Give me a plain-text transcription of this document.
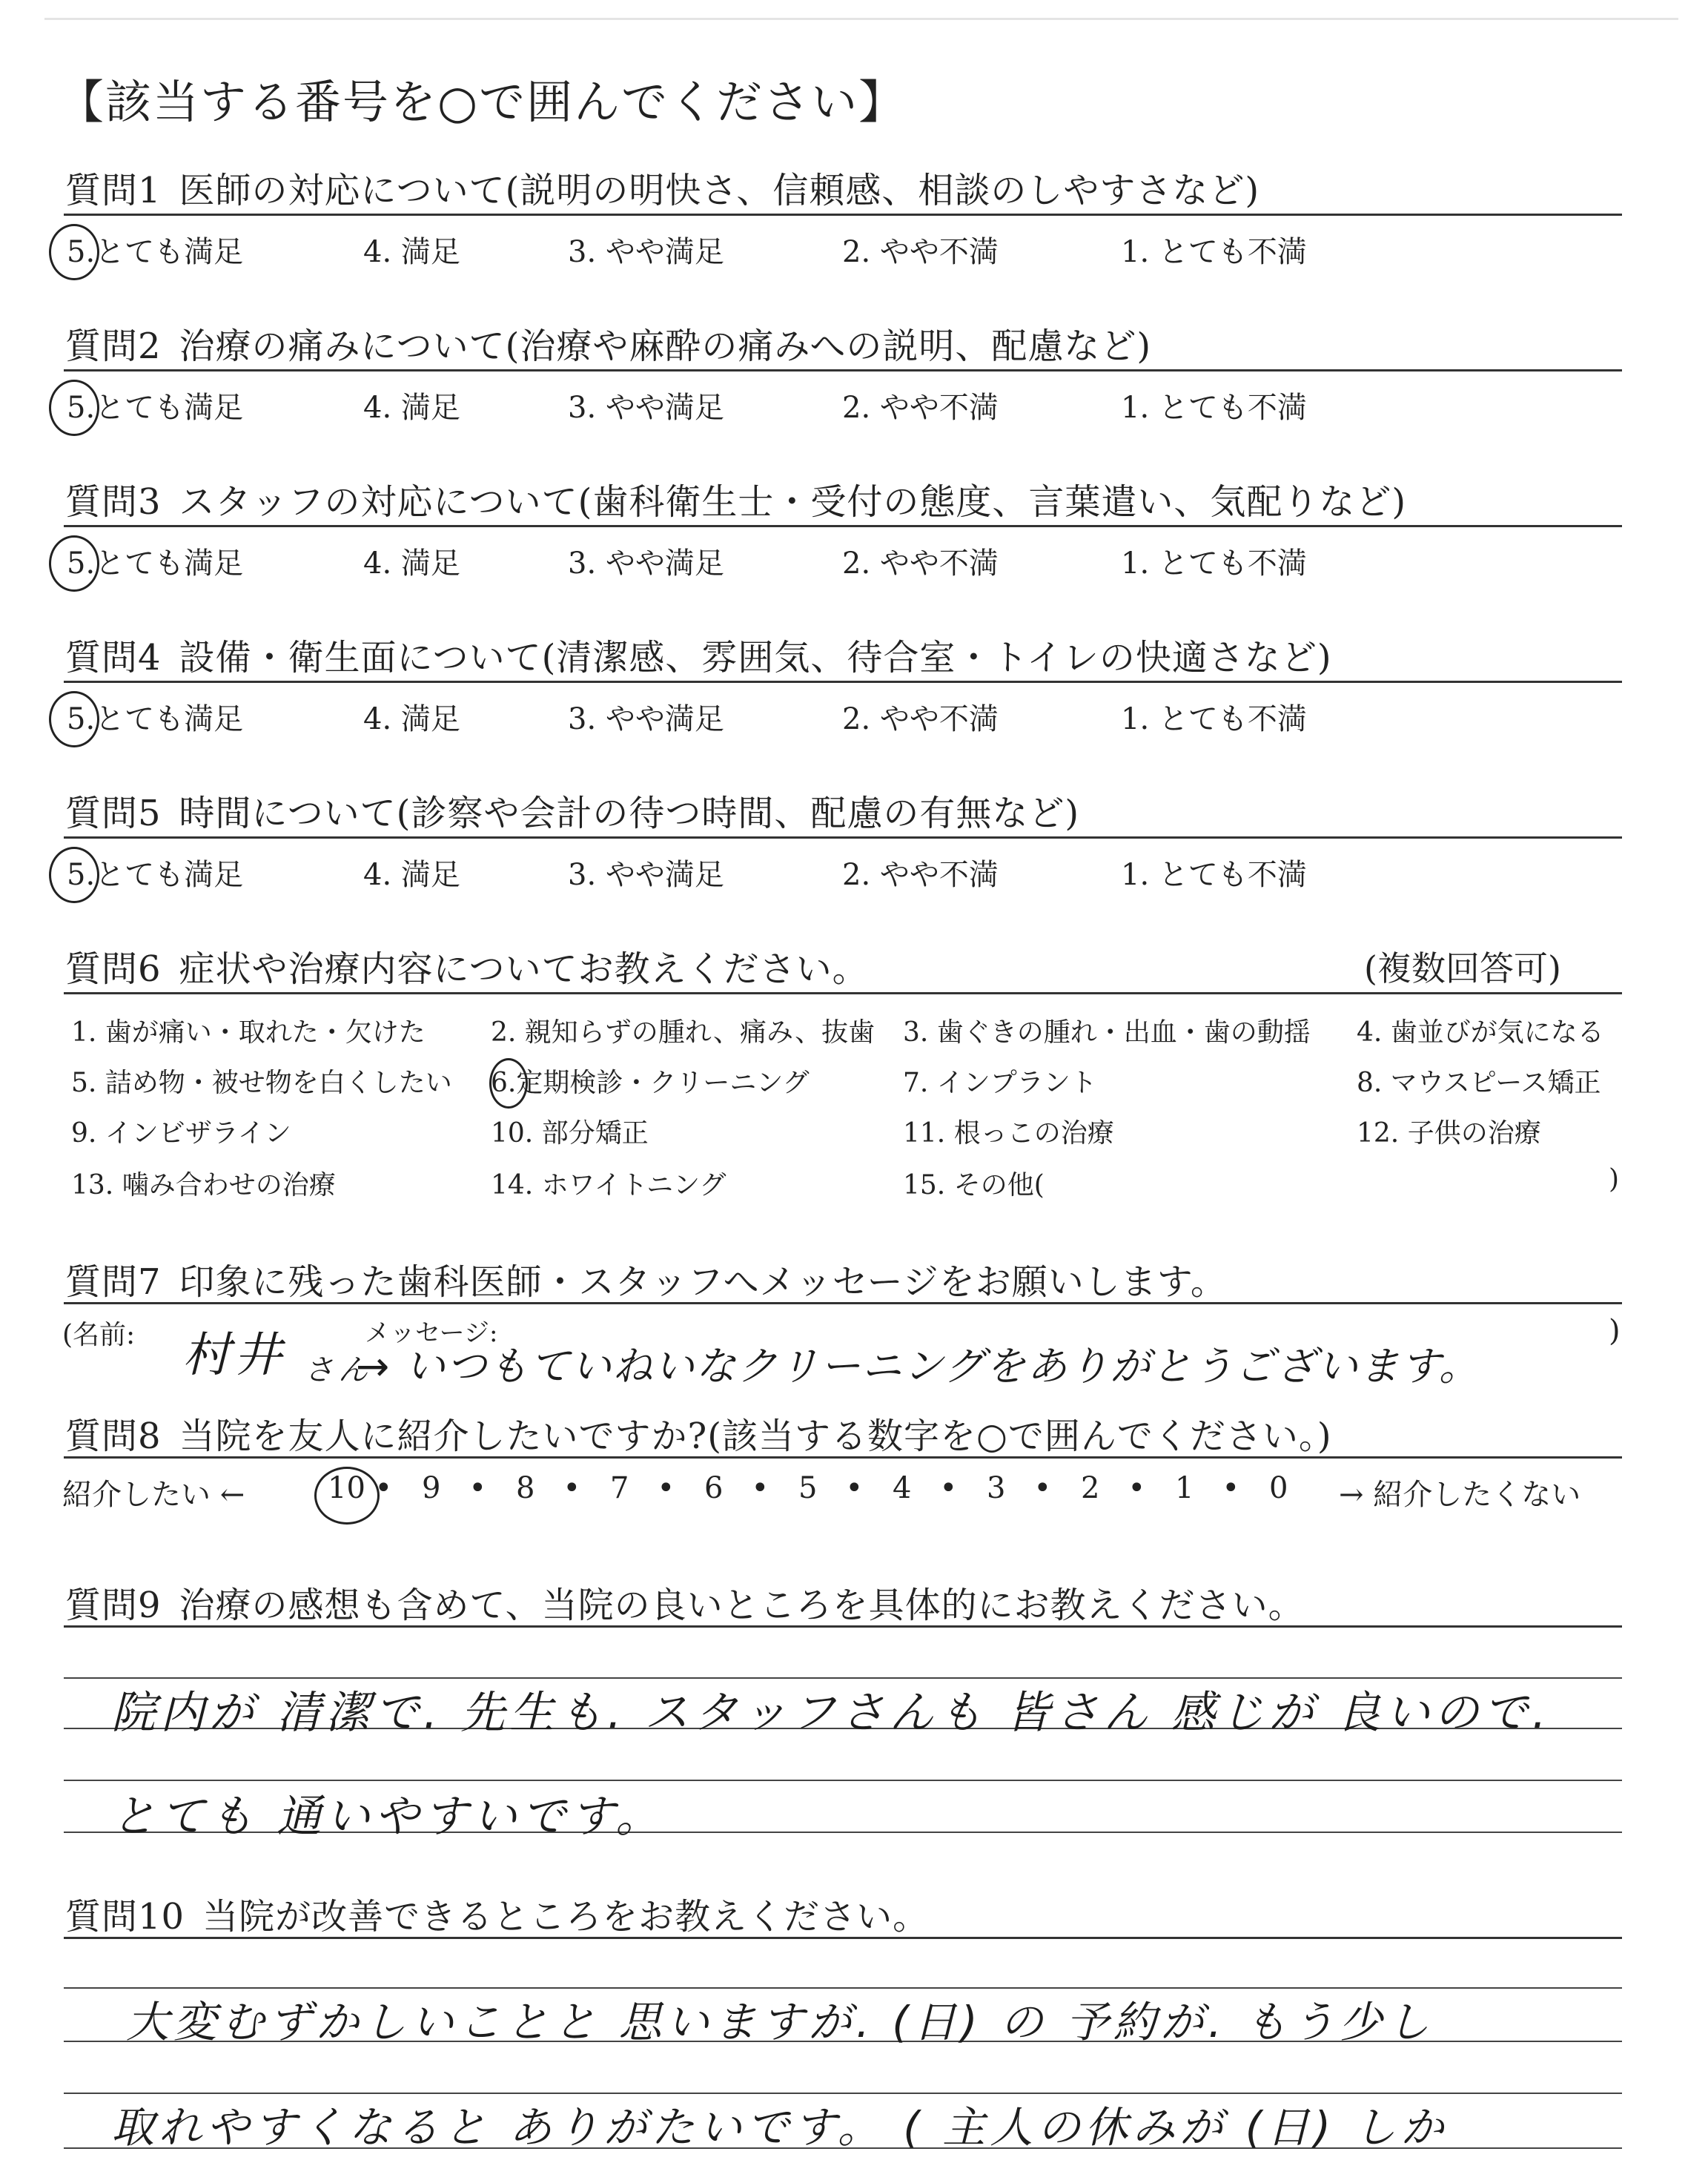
【該当する番号を○で囲んでください】
質問1 医師の対応について(説明の明快さ、信頼感、相談のしやすさなど)
5.とても満足	4. 満足	3. やや満足	2. やや不満	1. とても不満
質問2 治療の痛みについて(治療や麻酔の痛みへの説明、配慮など)
5.とても満足	4. 満足	3. やや満足	2. やや不満	1. とても不満
質問3 スタッフの対応について(歯科衛生士・受付の態度、言葉遣い、気配りなど)
5.とても満足	4. 満足	3. やや満足	2. やや不満	1. とても不満
質問4 設備・衛生面について(清潔感、雰囲気、待合室・トイレの快適さなど)
5.とても満足	4. 満足	3. やや満足	2. やや不満	1. とても不満
質問5 時間について(診察や会計の待つ時間、配慮の有無など)
5.とても満足	4. 満足	3. やや満足	2. やや不満	1. とても不満
質問6 症状や治療内容についてお教えください。	(複数回答可)
1. 歯が痛い・取れた・欠けた 2. 親知らずの腫れ、痛み、抜歯 3. 歯ぐきの腫れ・出血・歯の動揺 4. 歯並びが気になる
5. 詰め物・被せ物を白くしたい 6.定期検診・クリーニング	7. インプラント	8. マウスピース矯正
9. インビザライン	10. 部分矯正	11. 根っこの治療	12. 子供の治療
13. 噛み合わせの治療	14. ホワイトニング	15. その他(	)
質問7 印象に残った歯科医師・スタッフへメッセージをお願いします。
(名前:	メッセージ:	)
村井 さん
→ いつもていねいなクリーニングをありがとうございます。
質問8 当院を友人に紹介したいですか?(該当する数字を○で囲んでください。)
紹介したい ←	10 • 9 • 8 • 7 • 6 • 5 • 4 • 3 • 2 • 1 • 0 → 紹介したくない
質問9 治療の感想も含めて、当院の良いところを具体的にお教えください。
院内が 清潔で. 先生も. スタッフさんも 皆さん 感じが 良いので.
とても 通いやすいです。
質問10 当院が改善できるところをお教えください。
大変むずかしいことと 思いますが. (日) の 予約が. もう少し
取れやすくなると ありがたいです。 ( 主人の休みが (日) しか
